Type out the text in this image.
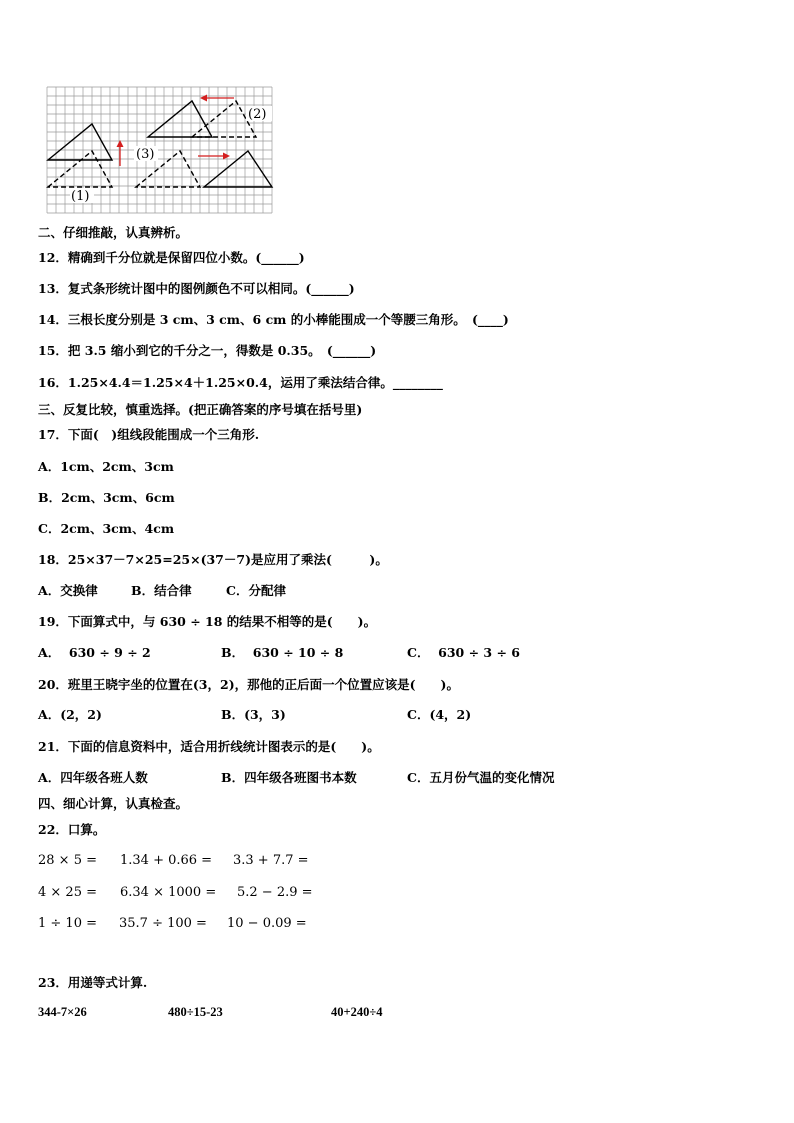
(1)
(2)
(3)
二、仔细推敲，认真辨析。
12．精确到千分位就是保留四位小数。(______)
13．复式条形统计图中的图例颜色不可以相同。(______)
14．三根长度分别是 3 cm、3 cm、6 cm 的小棒能围成一个等腰三角形。　(____)
15．把 3.5 缩小到它的千分之一，得数是 0.35。　(______)
16．1.25×4.4＝1.25×4＋1.25×0.4，运用了乘法结合律。________
三、反复比较，慎重选择。(把正确答案的序号填在括号里)
17．下面(　)组线段能围成一个三角形.
A．1cm、2cm、3cm
B．2cm、3cm、6cm
C．2cm、3cm、4cm
18．25×37－7×25=25×(37－7)是应用了乘法(　　　)。
A．交换律	B．结合律	C．分配律
19．下面算式中，与 630 ÷ 18 的结果不相等的是(　　)。
A．  630 ÷ 9 ÷ 2	B．  630 ÷ 10 ÷ 8	C．  630 ÷ 3 ÷ 6
20．班里王晓宇坐的位置在(3，2)，那他的正后面一个位置应该是(　　)。
A．(2，2)	B．(3，3)	C．(4，2)
21．下面的信息资料中，适合用折线统计图表示的是(　　)。
A．四年级各班人数	B．四年级各班图书本数	C．五月份气温的变化情况
四、细心计算，认真检查。
22．口算。
28 × 5 = 1.34 + 0.66 = 3.3 + 7.7 =
4 × 25 = 6.34 × 1000 = 5.2 − 2.9 =
1 ÷ 10 = 35.7 ÷ 100 = 10 − 0.09 =
23．用递等式计算.
344-7×26	480÷15-23	40+240÷4
